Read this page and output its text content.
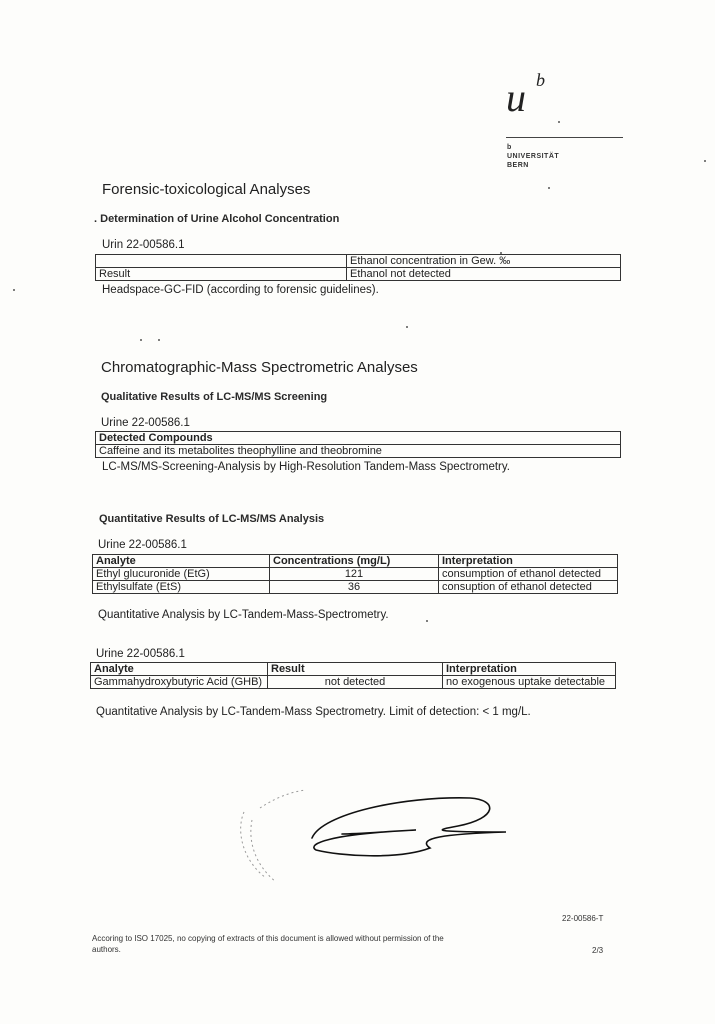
u b
b
UNIVERSITÄT
BERN
Forensic-toxicological Analyses
. Determination of Urine Alcohol Concentration
Urin 22-00586.1
	Ethanol concentration in Gew. ‰
Result	Ethanol not detected
Headspace-GC-FID (according to forensic guidelines).
Chromatographic-Mass Spectrometric Analyses
Qualitative Results of LC-MS/MS Screening
Urine 22-00586.1
Detected Compounds
Caffeine and its metabolites theophylline and theobromine
LC-MS/MS-Screening-Analysis by High-Resolution Tandem-Mass Spectrometry.
Quantitative Results of LC-MS/MS Analysis
Urine 22-00586.1
Analyte	Concentrations (mg/L)	Interpretation
Ethyl glucuronide (EtG)	121	consumption of ethanol detected
Ethylsulfate (EtS)	36	consuption of ethanol detected
Quantitative Analysis by LC-Tandem-Mass-Spectrometry.
Urine 22-00586.1
Analyte	Result	Interpretation
Gammahydroxybutyric Acid (GHB)	not detected	no exogenous uptake detectable
Quantitative Analysis by LC-Tandem-Mass Spectrometry. Limit of detection: < 1 mg/L.
22-00586-T
Accoring to ISO 17025, no copying of extracts of this document is allowed without permission of the authors.	2/3
